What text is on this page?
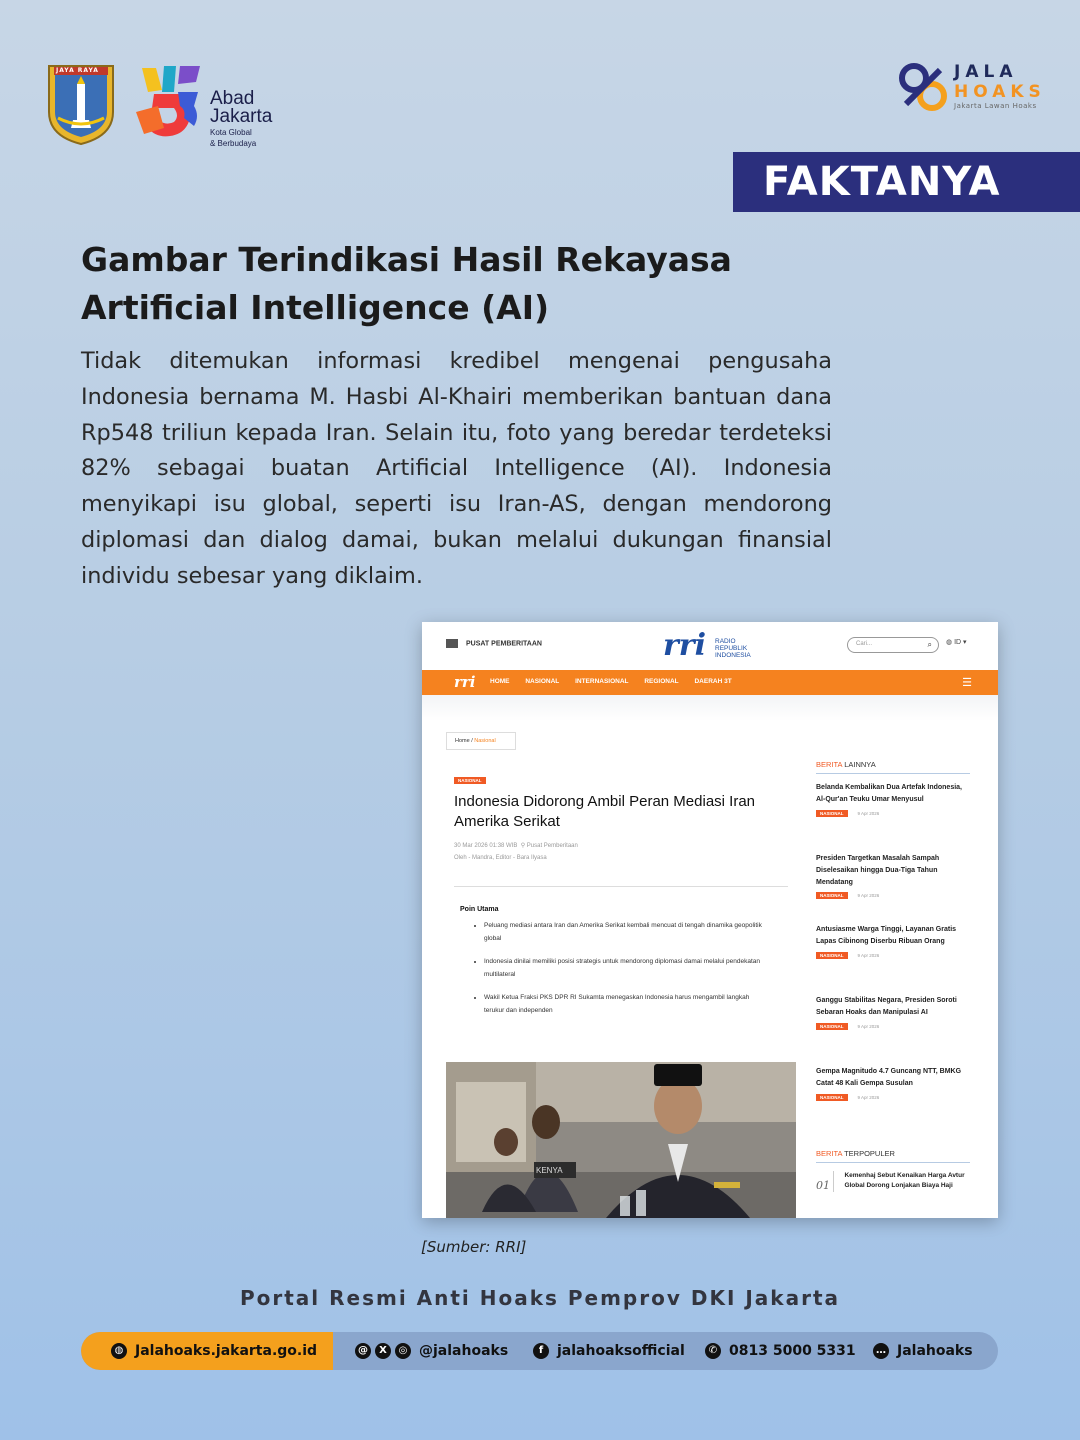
JAYA RAYA
Abad
Jakarta
Kota Global
& Berbudaya
JALA
HOAKS
Jakarta Lawan Hoaks
FAKTANYA
Gambar Terindikasi Hasil Rekayasa Artificial Intelligence (AI)
Tidak ditemukan informasi kredibel mengenai pengusaha Indonesia bernama M. Hasbi Al-Khairi memberikan bantuan dana Rp548 triliun kepada Iran. Selain itu, foto yang beredar terdeteksi 82% sebagai buatan Artificial Intelligence (AI). Indonesia menyikapi isu global, seperti isu Iran-AS, dengan mendorong diplomasi dan dialog damai, bukan melalui dukungan finansial individu sebesar yang diklaim.
PUSAT PEMBERITAAN	rri RADIO
REPUBLIK
INDONESIA
Cari...	⌕ ◍ ID ▾
rri HOME NASIONAL INTERNASIONAL REGIONAL DAERAH 3T	☰
Home / Nasional
NASIONAL
Indonesia Didorong Ambil Peran Mediasi Iran Amerika Serikat
30 Mar 2026 01:38 WIB ⚲ Pusat Pemberitaan
Oleh - Mandra, Editor - Bara Ilyasa
Poin Utama
• Peluang mediasi antara Iran dan Amerika Serikat kembali mencuat di tengah dinamika geopolitik global
• Indonesia dinilai memiliki posisi strategis untuk mendorong diplomasi damai melalui pendekatan multilateral
• Wakil Ketua Fraksi PKS DPR RI Sukamta menegaskan Indonesia harus mengambil langkah terukur dan independen
KENYA
BERITA LAINNYA
Belanda Kembalikan Dua Artefak Indonesia, Al-Qur'an Teuku Umar Menyusul
NASIONAL	9 Apr 2026
Presiden Targetkan Masalah Sampah Diselesaikan hingga Dua-Tiga Tahun Mendatang
NASIONAL	9 Apr 2026
Antusiasme Warga Tinggi, Layanan Gratis Lapas Cibinong Diserbu Ribuan Orang
NASIONAL	9 Apr 2026
Ganggu Stabilitas Negara, Presiden Soroti Sebaran Hoaks dan Manipulasi AI
NASIONAL	9 Apr 2026
Gempa Magnitudo 4.7 Guncang NTT, BMKG Catat 48 Kali Gempa Susulan
NASIONAL	9 Apr 2026
BERITA TERPOPULER
01
Kemenhaj Sebut Kenaikan Harga Avtur Global Dorong Lonjakan Biaya Haji
[Sumber: RRI]
Portal Resmi Anti Hoaks Pemprov DKI Jakarta
◍ Jalahoaks.jakarta.go.id	@	X	◎ @jalahoaks	f jalahoaksofficial	✆ 0813 5000 5331	… Jalahoaks
